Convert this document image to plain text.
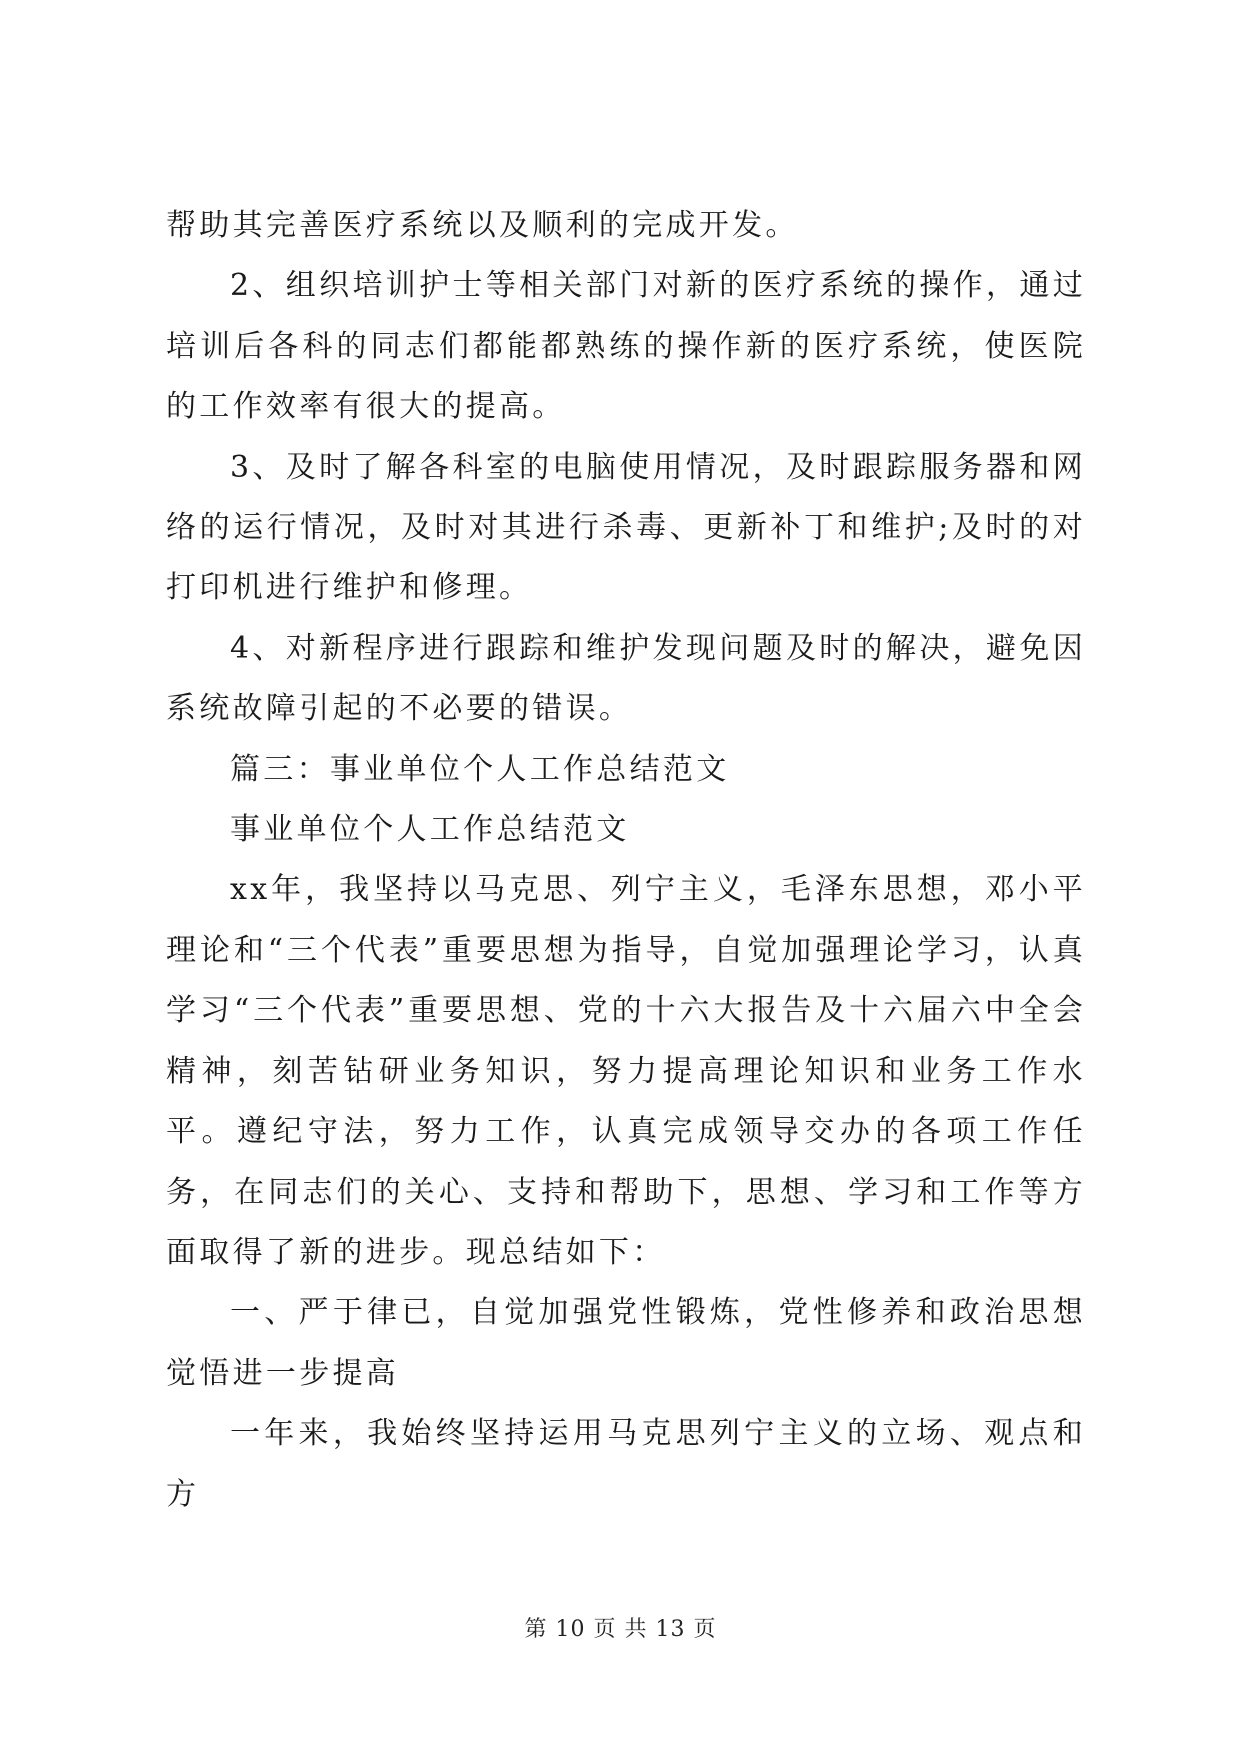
帮助其完善医疗系统以及顺利的完成开发。

2、组织培训护士等相关部门对新的医疗系统的操作，通过培训后各科的同志们都能都熟练的操作新的医疗系统，使医院的工作效率有很大的提高。

3、及时了解各科室的电脑使用情况，及时跟踪服务器和网络的运行情况，及时对其进行杀毒、更新补丁和维护;及时的对打印机进行维护和修理。

4、对新程序进行跟踪和维护发现问题及时的解决，避免因系统故障引起的不必要的错误。

篇三：事业单位个人工作总结范文

事业单位个人工作总结范文

xx年，我坚持以马克思、列宁主义，毛泽东思想，邓小平理论和“三个代表”重要思想为指导，自觉加强理论学习，认真学习“三个代表”重要思想、党的十六大报告及十六届六中全会精神，刻苦钻研业务知识，努力提高理论知识和业务工作水平。遵纪守法，努力工作，认真完成领导交办的各项工作任务，在同志们的关心、支持和帮助下，思想、学习和工作等方面取得了新的进步。现总结如下：

一、严于律已，自觉加强党性锻炼，党性修养和政治思想觉悟进一步提高

一年来，我始终坚持运用马克思列宁主义的立场、观点和方

第 10 页 共 13 页
